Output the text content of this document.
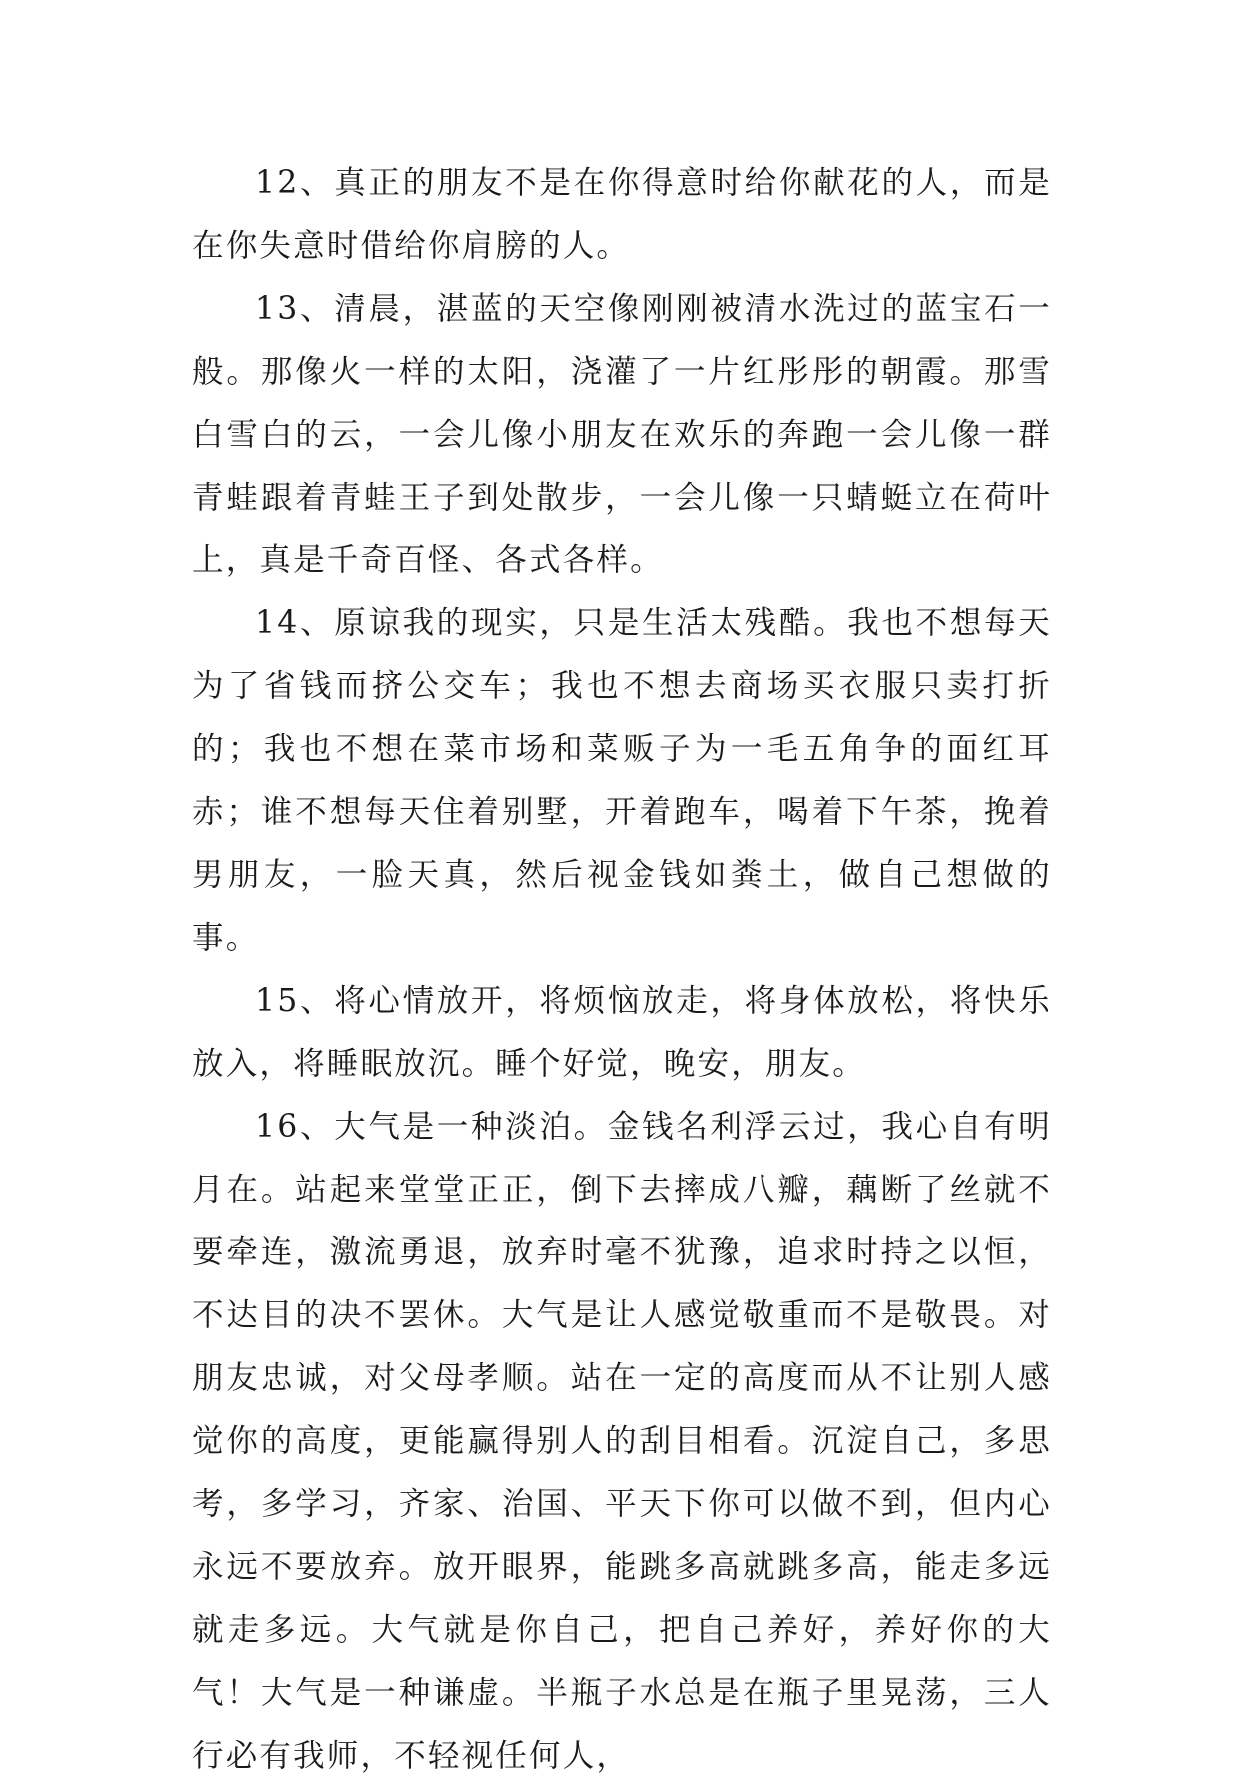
12、真正的朋友不是在你得意时给你献花的人，而是在你失意时借给你肩膀的人。

13、清晨，湛蓝的天空像刚刚被清水洗过的蓝宝石一般。那像火一样的太阳，浇灌了一片红彤彤的朝霞。那雪白雪白的云，一会儿像小朋友在欢乐的奔跑一会儿像一群青蛙跟着青蛙王子到处散步，一会儿像一只蜻蜓立在荷叶上，真是千奇百怪、各式各样。

14、原谅我的现实，只是生活太残酷。我也不想每天为了省钱而挤公交车；我也不想去商场买衣服只卖打折的；我也不想在菜市场和菜贩子为一毛五角争的面红耳赤；谁不想每天住着别墅，开着跑车，喝着下午茶，挽着男朋友，一脸天真，然后视金钱如粪土，做自己想做的事。

15、将心情放开，将烦恼放走，将身体放松，将快乐放入，将睡眠放沉。睡个好觉，晚安，朋友。

16、大气是一种淡泊。金钱名利浮云过，我心自有明月在。站起来堂堂正正，倒下去摔成八瓣，藕断了丝就不要牵连，激流勇退，放弃时毫不犹豫，追求时持之以恒，不达目的决不罢休。大气是让人感觉敬重而不是敬畏。对朋友忠诚，对父母孝顺。站在一定的高度而从不让别人感觉你的高度，更能赢得别人的刮目相看。沉淀自己，多思考，多学习，齐家、治国、平天下你可以做不到，但内心永远不要放弃。放开眼界，能跳多高就跳多高，能走多远就走多远。大气就是你自己，把自己养好，养好你的大气！大气是一种谦虚。半瓶子水总是在瓶子里晃荡，三人行必有我师，不轻视任何人，
